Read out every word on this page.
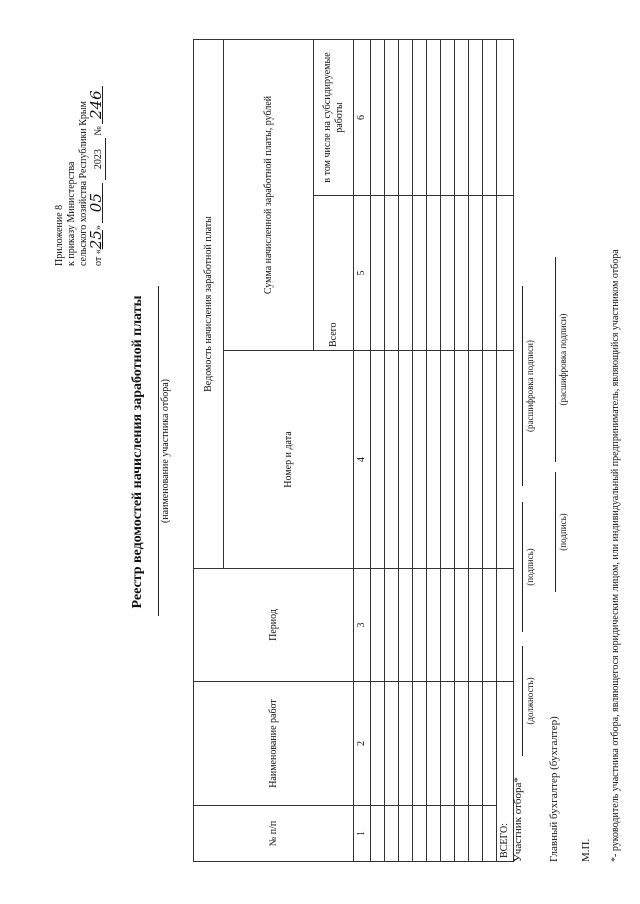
Приложение 8 к приказу Министерства сельского хозяйства Республики Крым от «25» 05 2023 № 246
Реестр ведомостей начисления заработной платы (наименование участника отбора)
№ п/п	Наименование работ	Период	Ведомость начисления заработной платы		
			Номер и дата	Сумма начисленной заработной платы, рублей	
				Всего	в том числе на субсидируемые работы
1	2	3	4	5	6

ВСЕГО:					Участник отбора*
(должность)
(подпись)
(расшифровка подписи)
Главный бухгалтер (бухгалтер)
(подпись)
(расшифровка подписи)
М.П. *- руководитель участника отбора, являющегося юридическим лицом, или индивидуальный предприниматель, являющийся участником отбора
